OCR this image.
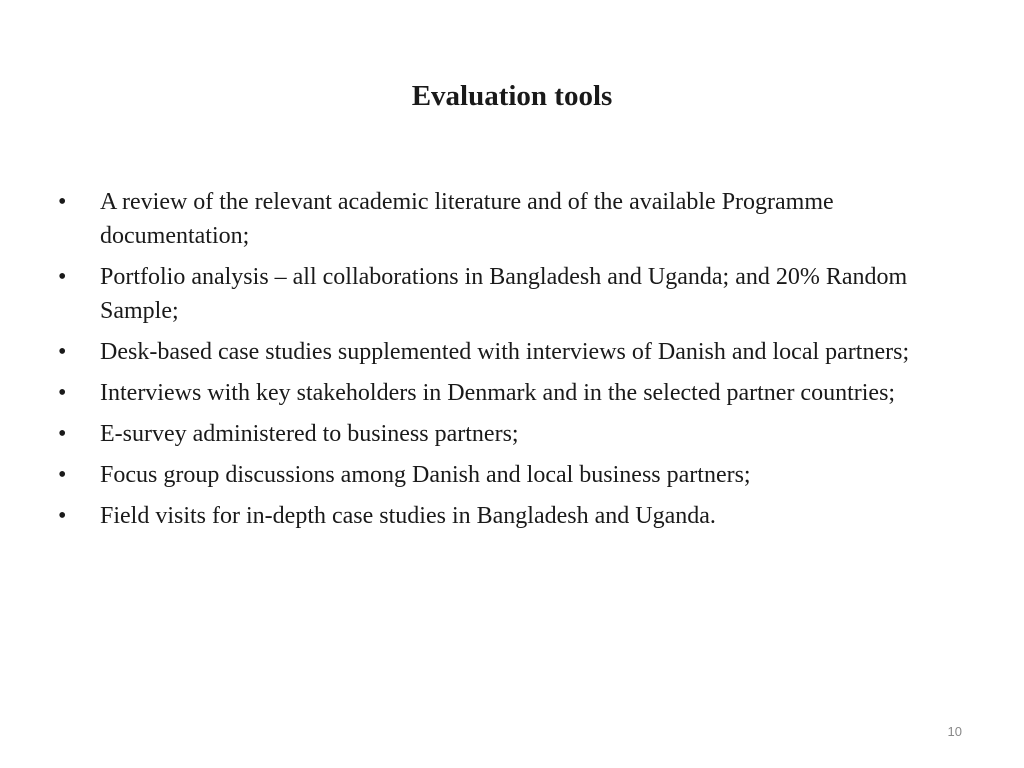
Evaluation tools
•	A review of the relevant academic literature and of the available Programme documentation;
•	Portfolio analysis – all collaborations in Bangladesh and Uganda; and 20% Random Sample;
•	Desk-based case studies supplemented with interviews of Danish and local partners;
•	Interviews with key stakeholders in Denmark and in the selected partner countries;
•	E-survey administered to business partners;
•	Focus group discussions among Danish and local business partners;
•	Field visits for in-depth case studies in Bangladesh and Uganda.
10
